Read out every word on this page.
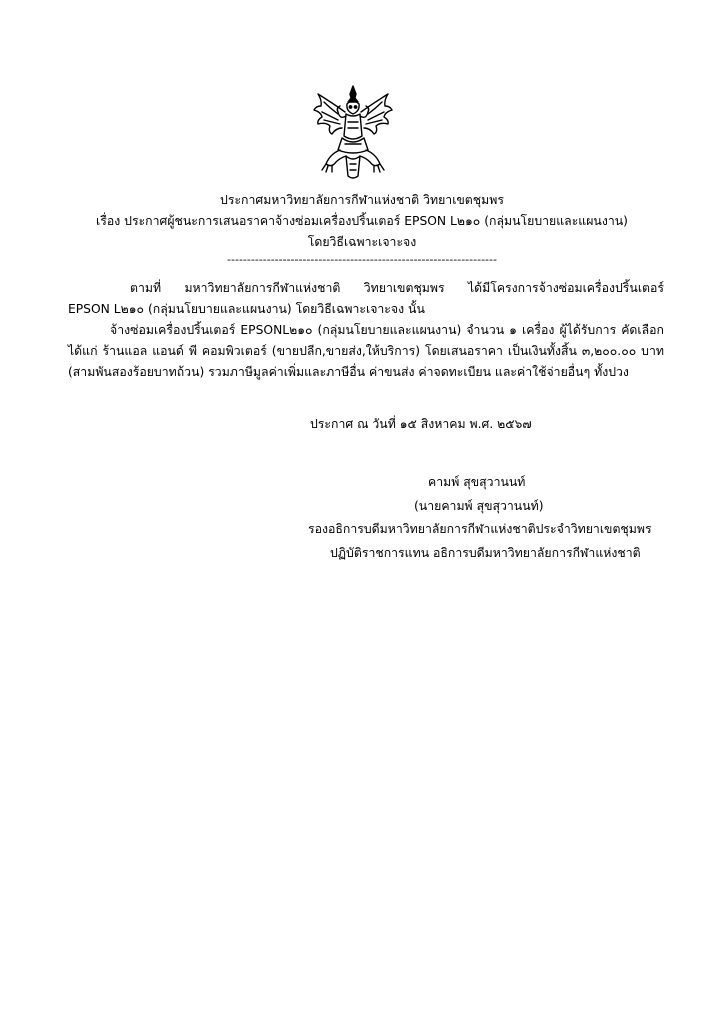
ประกาศมหาวิทยาลัยการกีฬาแห่งชาติ วิทยาเขตชุมพร
เรื่อง ประกาศผู้ชนะการเสนอราคาจ้างซ่อมเครื่องปริ้นเตอร์ EPSON L๒๑๐ (กลุ่มนโยบายและแผนงาน)
โดยวิธีเฉพาะเจาะจง
--------------------------------------------------------------------
ตามที่ มหาวิทยาลัยการกีฬาแห่งชาติ วิทยาเขตชุมพร ได้มีโครงการจ้างซ่อมเครื่องปริ้นเตอร์
EPSON L๒๑๐ (กลุ่มนโยบายและแผนงาน) โดยวิธีเฉพาะเจาะจง นั้น
จ้างซ่อมเครื่องปริ้นเตอร์ EPSONL๒๑๐ (กลุ่มนโยบายและแผนงาน) จำนวน ๑ เครื่อง ผู้ได้รับการ คัดเลือก
ได้แก่ ร้านแอล แอนด์ พี คอมพิวเตอร์ (ขายปลีก,ขายส่ง,ให้บริการ) โดยเสนอราคา เป็นเงินทั้งสิ้น ๓,๒๐๐.๐๐ บาท
(สามพันสองร้อยบาทถ้วน) รวมภาษีมูลค่าเพิ่มและภาษีอื่น ค่าขนส่ง ค่าจดทะเบียน และค่าใช้จ่ายอื่นๆ ทั้งปวง
ประกาศ ณ วันที่ ๑๕ สิงหาคม พ.ศ. ๒๕๖๗
คามพ์ สุขสุวานนท์
(นายคามพ์ สุขสุวานนท์)
รองอธิการบดีมหาวิทยาลัยการกีฬาแห่งชาติประจำวิทยาเขตชุมพร
ปฏิบัติราชการแทน อธิการบดีมหาวิทยาลัยการกีฬาแห่งชาติ
